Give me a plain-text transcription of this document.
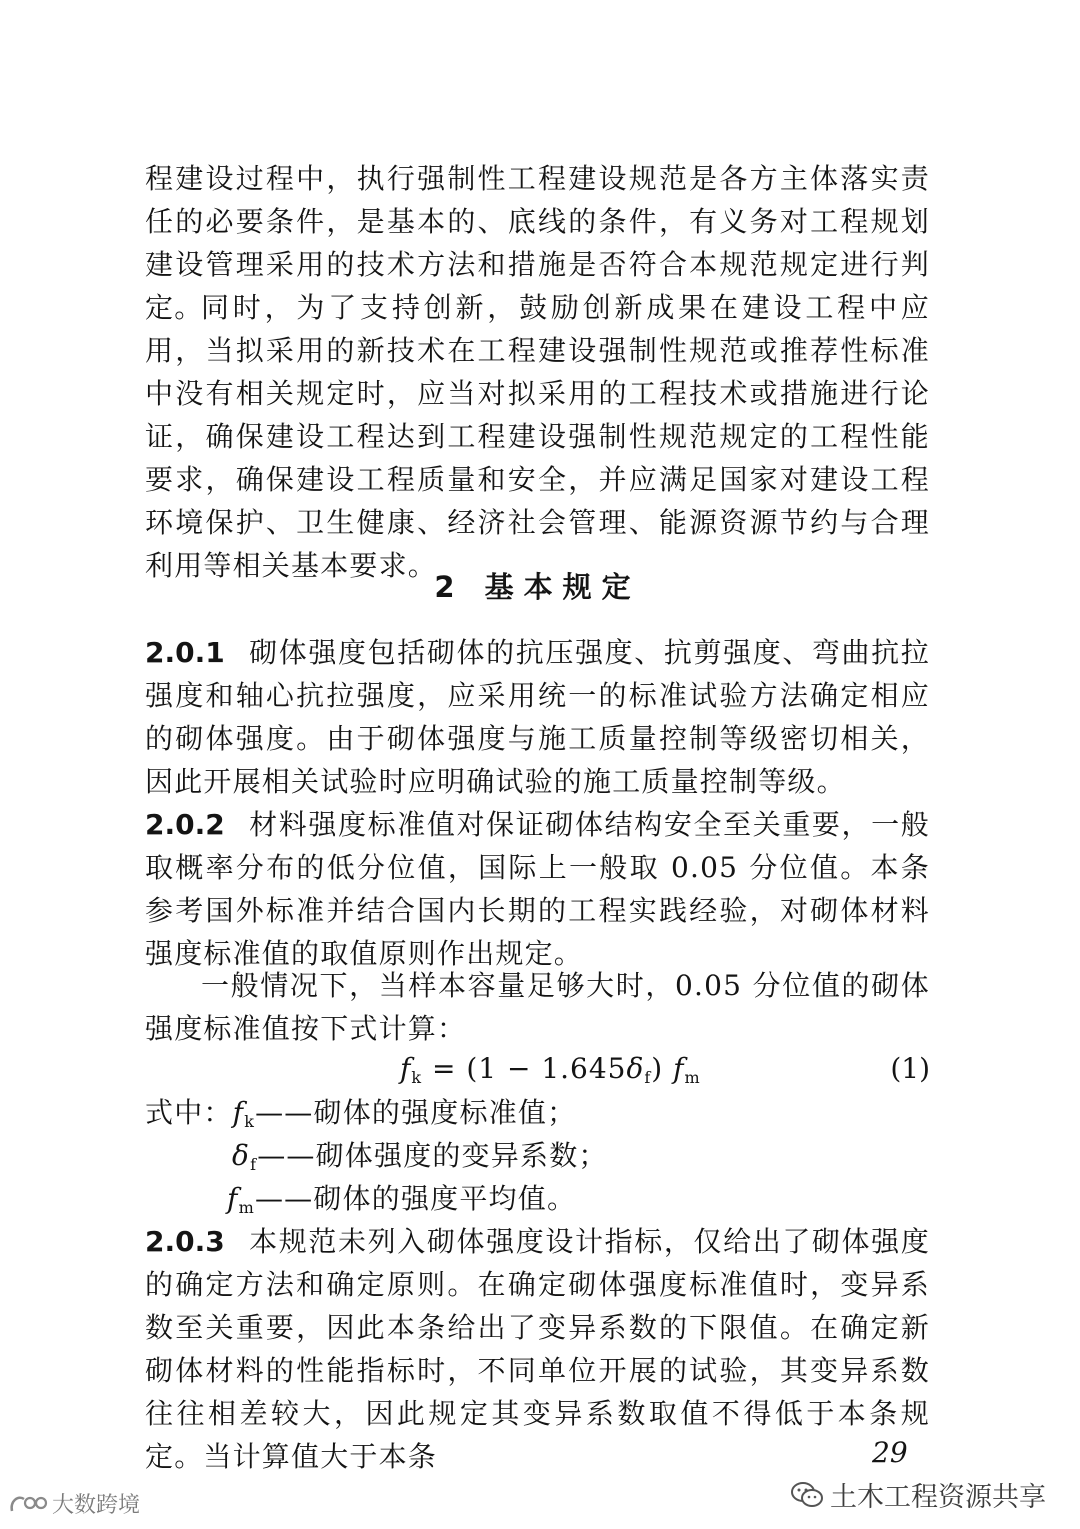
程建设过程中，执行强制性工程建设规范是各方主体落实责任的必要条件，是基本的、底线的条件，有义务对工程规划建设管理采用的技术方法和措施是否符合本规范规定进行判定。

同时，为了支持创新，鼓励创新成果在建设工程中应用，当拟采用的新技术在工程建设强制性规范或推荐性标准中没有相关规定时，应当对拟采用的工程技术或措施进行论证，确保建设工程达到工程建设强制性规范规定的工程性能要求，确保建设工程质量和安全，并应满足国家对建设工程环境保护、卫生健康、经济社会管理、能源资源节约与合理利用等相关基本要求。

2 基本规定

2.0.1 砌体强度包括砌体的抗压强度、抗剪强度、弯曲抗拉强度和轴心抗拉强度，应采用统一的标准试验方法确定相应的砌体强度。由于砌体强度与施工质量控制等级密切相关，因此开展相关试验时应明确试验的施工质量控制等级。

2.0.2 材料强度标准值对保证砌体结构安全至关重要，一般取概率分布的低分位值，国际上一般取 0.05 分位值。本条参考国外标准并结合国内长期的工程实践经验，对砌体材料强度标准值的取值原则作出规定。

一般情况下，当样本容量足够大时，0.05 分位值的砌体强度标准值按下式计算：

$f_k = (1 - 1.645\delta_f)$ $f_m$	(1)
式中：$f_k——$砌体的强度标准值；
$\delta_f——$砌体强度的变异系数；
$f_m——$砌体的强度平均值。

2.0.3 本规范未列入砌体强度设计指标，仅给出了砌体强度的确定方法和确定原则。在确定砌体强度标准值时，变异系数至关重要，因此本条给出了变异系数的下限值。在确定新砌体材料的性能指标时，不同单位开展的试验，其变异系数往往相差较大，因此规定其变异系数取值不得低于本条规定。当计算值大于本条	29
土木工程资源共享
大数跨境
